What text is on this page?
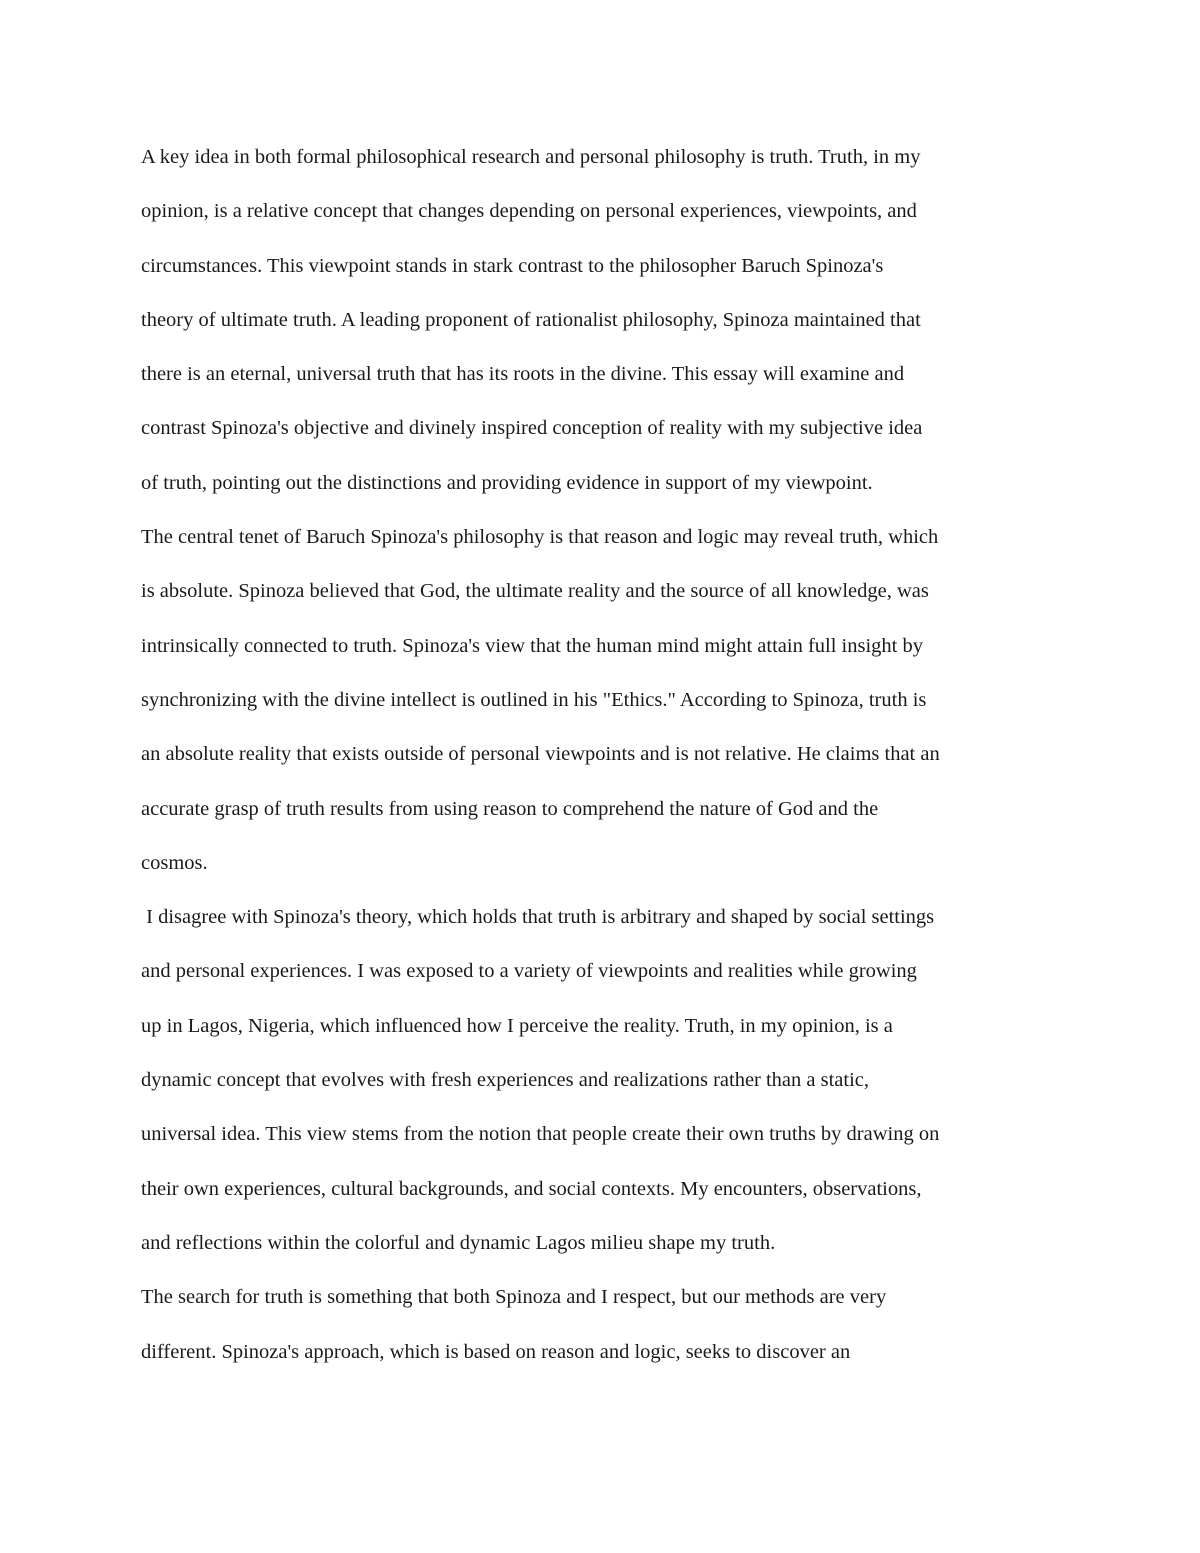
A key idea in both formal philosophical research and personal philosophy is truth. Truth, in my
opinion, is a relative concept that changes depending on personal experiences, viewpoints, and
circumstances. This viewpoint stands in stark contrast to the philosopher Baruch Spinoza's
theory of ultimate truth. A leading proponent of rationalist philosophy, Spinoza maintained that
there is an eternal, universal truth that has its roots in the divine. This essay will examine and
contrast Spinoza's objective and divinely inspired conception of reality with my subjective idea
of truth, pointing out the distinctions and providing evidence in support of my viewpoint.
The central tenet of Baruch Spinoza's philosophy is that reason and logic may reveal truth, which
is absolute. Spinoza believed that God, the ultimate reality and the source of all knowledge, was
intrinsically connected to truth. Spinoza's view that the human mind might attain full insight by
synchronizing with the divine intellect is outlined in his "Ethics." According to Spinoza, truth is
an absolute reality that exists outside of personal viewpoints and is not relative. He claims that an
accurate grasp of truth results from using reason to comprehend the nature of God and the
cosmos.
I disagree with Spinoza's theory, which holds that truth is arbitrary and shaped by social settings
and personal experiences. I was exposed to a variety of viewpoints and realities while growing
up in Lagos, Nigeria, which influenced how I perceive the reality. Truth, in my opinion, is a
dynamic concept that evolves with fresh experiences and realizations rather than a static,
universal idea. This view stems from the notion that people create their own truths by drawing on
their own experiences, cultural backgrounds, and social contexts. My encounters, observations,
and reflections within the colorful and dynamic Lagos milieu shape my truth.
The search for truth is something that both Spinoza and I respect, but our methods are very
different. Spinoza's approach, which is based on reason and logic, seeks to discover an
